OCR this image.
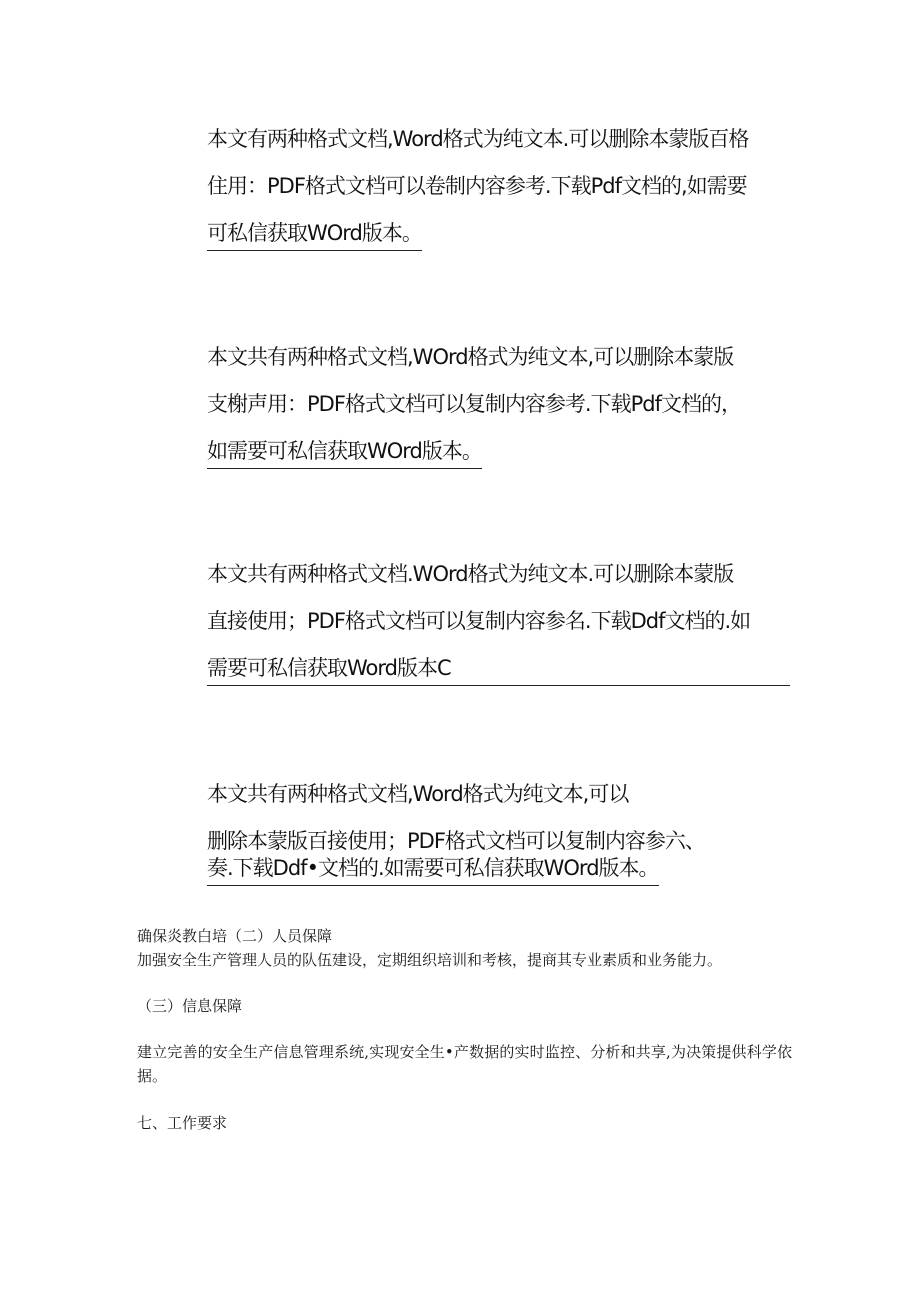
本文有两种格式文档,Word格式为纯文本.可以删除本蒙版百格
住用：PDF格式文档可以卷制内容参考.下载Pdf文档的,如需要
可私信获取WOrd版本。
本文共有两种格式文档,WOrd格式为纯文本,可以删除本蒙版
支榭声用：PDF格式文档可以复制内容参考.下载Pdf文档的，
如需要可私信获取WOrd版本。
本文共有两种格式文档.WOrd格式为纯文本.可以删除本蒙版
直接使用；PDF格式文档可以复制内容参名.下载Ddf文档的.如
需要可私信获取Word版本C
本文共有两种格式文档,Word格式为纯文本,可以
删除本蒙版百接使用；PDF格式文档可以复制内容参六、
奏.下载Ddf•文档的.如需要可私信获取WOrd版本。

确保炎教白培（二）人员保障

加强安全生产管理人员的队伍建设，定期组织培训和考核，提商其专业素质和业务能力。

（三）信息保障

建立完善的安全生产信息管理系统,实现安全生•产数据的实时监控、分析和共享,为决策提供科学依据。

七、工作要求
